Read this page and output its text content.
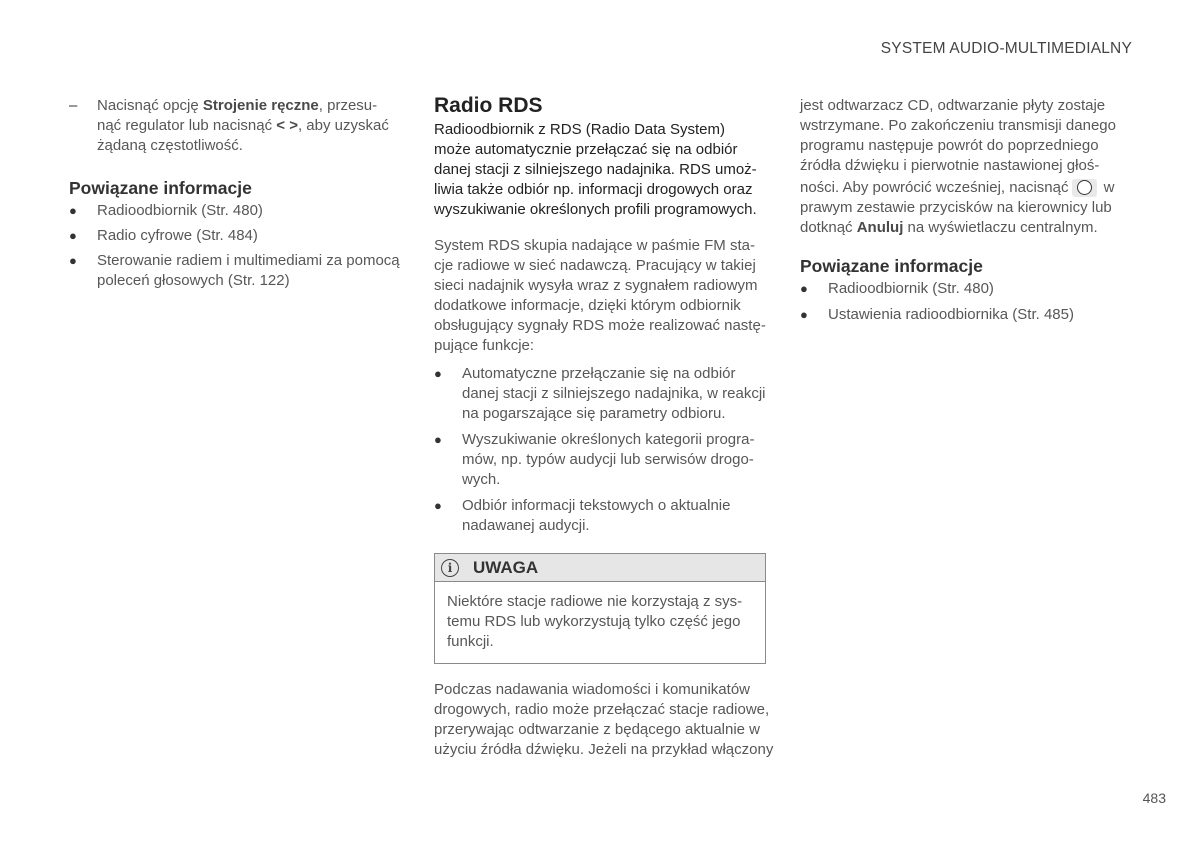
SYSTEM AUDIO-MULTIMEDIALNY
– Nacisnąć opcję Strojenie ręczne, przesu-
nąć regulator lub nacisnąć < >, aby uzyskać
żądaną częstotliwość.
Powiązane informacje
● Radioodbiornik (Str. 480)
● Radio cyfrowe (Str. 484)
● Sterowanie radiem i multimediami za pomocą
poleceń głosowych (Str. 122)
Radio RDS
Radioodbiornik z RDS (Radio Data System)
może automatycznie przełączać się na odbiór
danej stacji z silniejszego nadajnika. RDS umoż-
liwia także odbiór np. informacji drogowych oraz
wyszukiwanie określonych profili programowych.
System RDS skupia nadające w paśmie FM sta-
cje radiowe w sieć nadawczą. Pracujący w takiej
sieci nadajnik wysyła wraz z sygnałem radiowym
dodatkowe informacje, dzięki którym odbiornik
obsługujący sygnały RDS może realizować nastę-
pujące funkcje:
● Automatyczne przełączanie się na odbiór
danej stacji z silniejszego nadajnika, w reakcji
na pogarszające się parametry odbioru.
● Wyszukiwanie określonych kategorii progra-
mów, np. typów audycji lub serwisów drogo-
wych.
● Odbiór informacji tekstowych o aktualnie
nadawanej audycji.
i	UWAGA
Niektóre stacje radiowe nie korzystają z sys-
temu RDS lub wykorzystują tylko część jego
funkcji.
Podczas nadawania wiadomości i komunikatów
drogowych, radio może przełączać stacje radiowe,
przerywając odtwarzanie z będącego aktualnie w
użyciu źródła dźwięku. Jeżeli na przykład włączony
jest odtwarzacz CD, odtwarzanie płyty zostaje
wstrzymane. Po zakończeniu transmisji danego
programu następuje powrót do poprzedniego
źródła dźwięku i pierwotnie nastawionej głoś-
ności. Aby powrócić wcześniej, nacisnąć w
prawym zestawie przycisków na kierownicy lub
dotknąć Anuluj na wyświetlaczu centralnym.
Powiązane informacje
● Radioodbiornik (Str. 480)
● Ustawienia radioodbiornika (Str. 485)
483
